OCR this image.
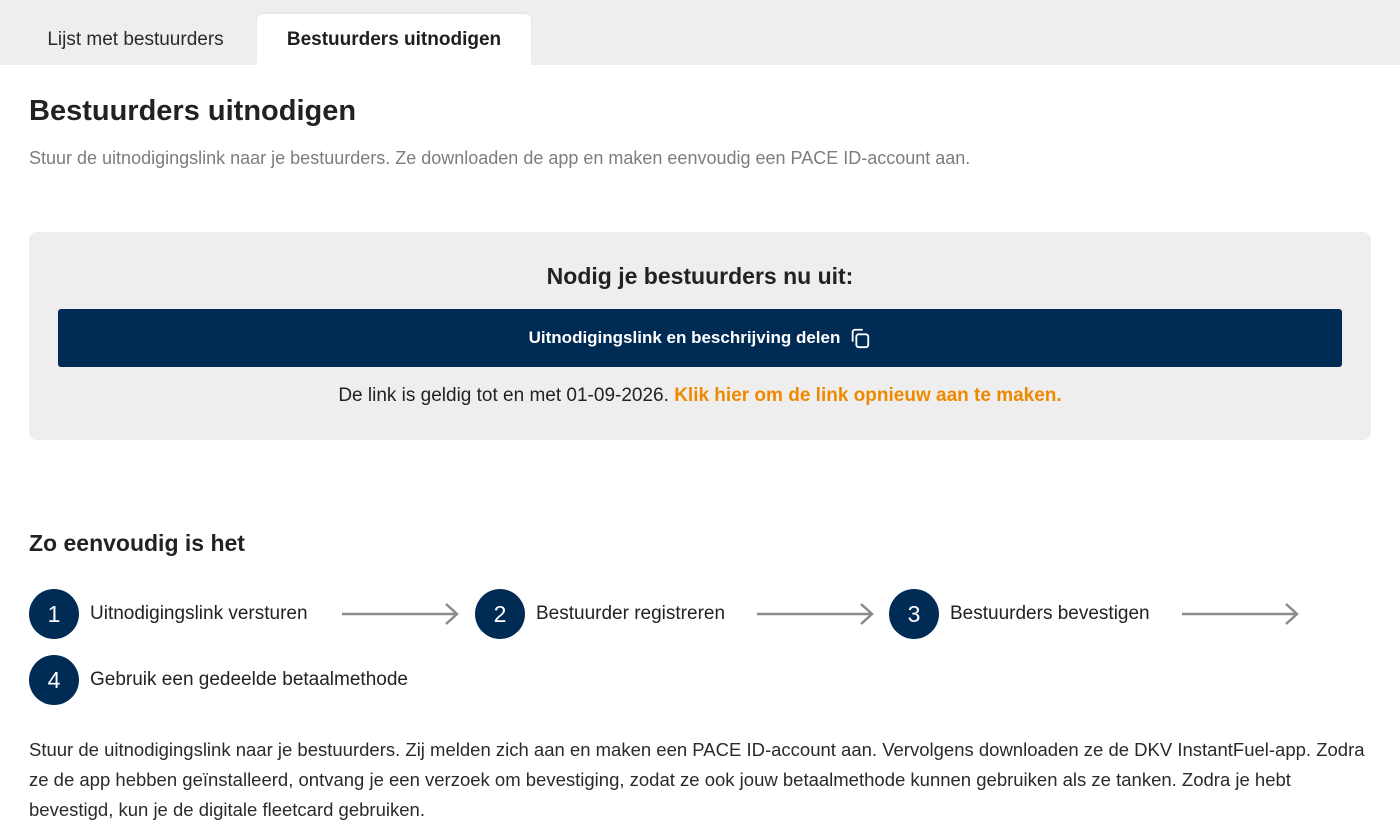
Lijst met bestuurders	Bestuurders uitnodigen
Bestuurders uitnodigen

Stuur de uitnodigingslink naar je bestuurders. Ze downloaden de app en maken eenvoudig een PACE ID-account aan.

Nodig je bestuurders nu uit:
Uitnodigingslink en beschrijving delen
De link is geldig tot en met 01-09-2026. Klik hier om de link opnieuw aan te maken.
Zo eenvoudig is het
1	Uitnodigingslink versturen	2	Bestuurder registreren	3	Bestuurders bevestigen
4	Gebruik een gedeelde betaalmethode

Stuur de uitnodigingslink naar je bestuurders. Zij melden zich aan en maken een PACE ID-account aan. Vervolgens downloaden ze de DKV InstantFuel-app. Zodra ze de app hebben geïnstalleerd, ontvang je een verzoek om bevestiging, zodat ze ook jouw betaalmethode kunnen gebruiken als ze tanken. Zodra je hebt bevestigd, kun je de digitale fleetcard gebruiken.
